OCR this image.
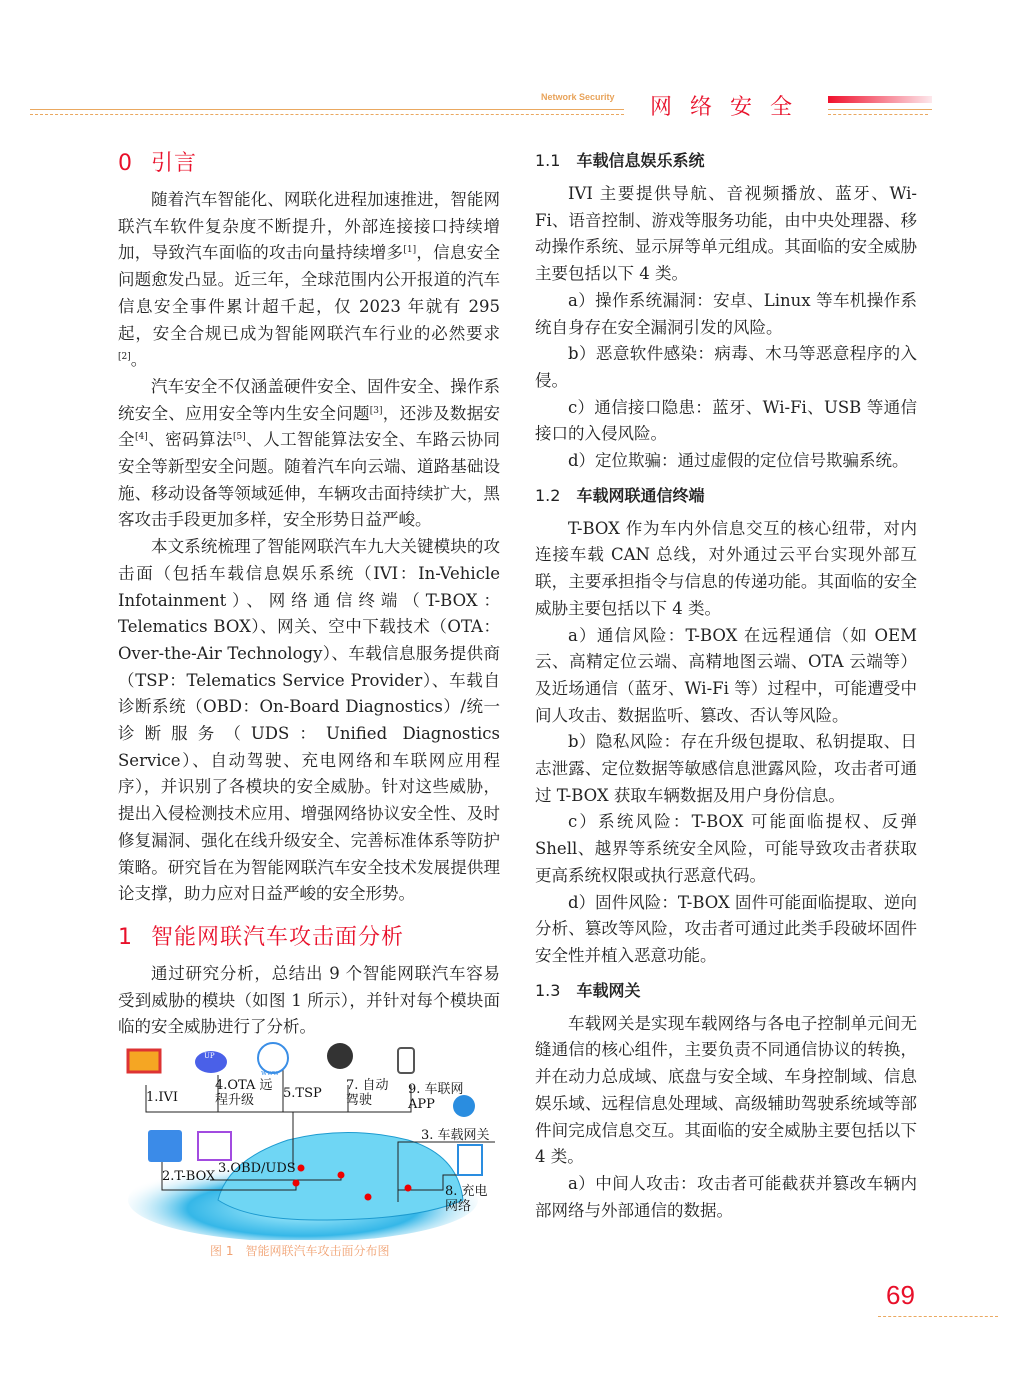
Network Security 网络安全
0 引言

随着汽车智能化、网联化进程加速推进，智能网联汽车软件复杂度不断提升，外部连接接口持续增加，导致汽车面临的攻击向量持续增多[1]，信息安全问题愈发凸显。近三年，全球范围内公开报道的汽车信息安全事件累计超千起，仅 2023 年就有 295 起，安全合规已成为智能网联汽车行业的必然要求[2]。

汽车安全不仅涵盖硬件安全、固件安全、操作系统安全、应用安全等内生安全问题[3]，还涉及数据安全[4]、密码算法[5]、人工智能算法安全、车路云协同安全等新型安全问题。随着汽车向云端、道路基础设施、移动设备等领域延伸，车辆攻击面持续扩大，黑客攻击手段更加多样，安全形势日益严峻。

本文系统梳理了智能网联汽车九大关键模块的攻击面（包括车载信息娱乐系统（IVI：In-Vehicle Infotainment）、网络通信终端（T-BOX：Telematics BOX）、网关、空中下载技术（OTA：Over-the-Air Technology）、车载信息服务提供商（TSP：Telematics Service Provider）、车载自诊断系统（OBD：On-Board Diagnostics）/统一诊断服务（UDS：Unified Diagnostics Service）、自动驾驶、充电网络和车联网应用程序），并识别了各模块的安全威胁。针对这些威胁，提出入侵检测技术应用、增强网络协议安全性、及时修复漏洞、强化在线升级安全、完善标准体系等防护策略。研究旨在为智能网联汽车安全技术发展提供理论支撑，助力应对日益严峻的安全形势。

1 智能网联汽车攻击面分析

通过研究分析，总结出 9 个智能网联汽车容易受到威胁的模块（如图 1 所示），并针对每个模块面临的安全威胁进行了分析。

UP
www
1.IVI
4.OTA 远程升级	5.TSP
7. 自动驾驶
9. 车联网 APP
3. 车载网关
2.T-BOX
3.OBD/UDS
8. 充电网络
图 1　智能网联汽车攻击面分布图
1.1 车载信息娱乐系统

IVI 主要提供导航、音视频播放、蓝牙、Wi-Fi、语音控制、游戏等服务功能，由中央处理器、移动操作系统、显示屏等单元组成。其面临的安全威胁主要包括以下 4 类。

a）操作系统漏洞：安卓、Linux 等车机操作系统自身存在安全漏洞引发的风险。

b）恶意软件感染：病毒、木马等恶意程序的入侵。

c）通信接口隐患：蓝牙、Wi-Fi、USB 等通信接口的入侵风险。

d）定位欺骗：通过虚假的定位信号欺骗系统。

1.2 车载网联通信终端

T-BOX 作为车内外信息交互的核心纽带，对内连接车载 CAN 总线，对外通过云平台实现外部互联，主要承担指令与信息的传递功能。其面临的安全威胁主要包括以下 4 类。

a）通信风险：T-BOX 在远程通信（如 OEM 云、高精定位云端、高精地图云端、OTA 云端等）及近场通信（蓝牙、Wi-Fi 等）过程中，可能遭受中间人攻击、数据监听、篡改、否认等风险。

b）隐私风险：存在升级包提取、私钥提取、日志泄露、定位数据等敏感信息泄露风险，攻击者可通过 T-BOX 获取车辆数据及用户身份信息。

c）系统风险：T-BOX 可能面临提权、反弹 Shell、越界等系统安全风险，可能导致攻击者获取更高系统权限或执行恶意代码。

d）固件风险：T-BOX 固件可能面临提取、逆向分析、篡改等风险，攻击者可通过此类手段破坏固件安全性并植入恶意功能。

1.3 车载网关

车载网关是实现车载网络与各电子控制单元间无缝通信的核心组件，主要负责不同通信协议的转换，并在动力总成域、底盘与安全域、车身控制域、信息娱乐域、远程信息处理域、高级辅助驾驶系统域等部件间完成信息交互。其面临的安全威胁主要包括以下 4 类。

a）中间人攻击：攻击者可能截获并篡改车辆内部网络与外部通信的数据。

69
